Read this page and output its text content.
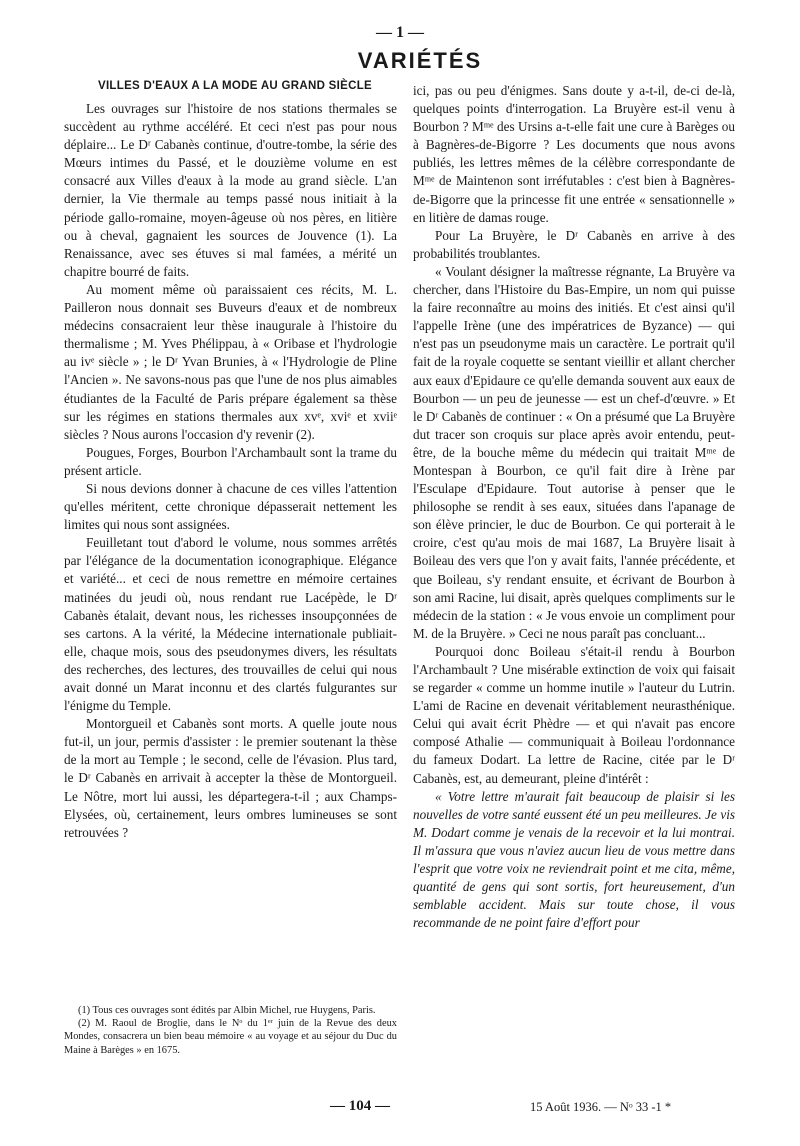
— 1 —
VARIÉTÉS
VILLES D'EAUX A LA MODE AU GRAND SIÈCLE

Les ouvrages sur l'histoire de nos stations thermales se succèdent au rythme accéléré. Et ceci n'est pas pour nous déplaire... Le Dʳ Cabanès continue, d'outre-tombe, la série des Mœurs intimes du Passé, et le douzième volume en est consacré aux Villes d'eaux à la mode au grand siècle. L'an dernier, la Vie thermale au temps passé nous initiait à la période gallo-romaine, moyen-âgeuse où nos pères, en litière ou à cheval, gagnaient les sources de Jouvence (1). La Renaissance, avec ses étuves si mal famées, a mérité un chapitre bourré de faits.

Au moment même où paraissaient ces récits, M. L. Pailleron nous donnait ses Buveurs d'eaux et de nombreux médecins consacraient leur thèse inaugurale à l'histoire du thermalisme ; M. Yves Phélippau, à « Oribase et l'hydrologie au ivᵉ siècle » ; le Dʳ Yvan Brunies, à « l'Hydrologie de Pline l'Ancien ». Ne savons-nous pas que l'une de nos plus aimables étudiantes de la Faculté de Paris prépare également sa thèse sur les régimes en stations thermales aux xvᵉ, xviᵉ et xviiᵉ siècles ? Nous aurons l'occasion d'y revenir (2).

Pougues, Forges, Bourbon l'Archambault sont la trame du présent article.

Si nous devions donner à chacune de ces villes l'attention qu'elles méritent, cette chronique dépasserait nettement les limites qui nous sont assignées.

Feuilletant tout d'abord le volume, nous sommes arrêtés par l'élégance de la documentation iconographique. Elégance et variété... et ceci de nous remettre en mémoire certaines matinées du jeudi où, nous rendant rue Lacépède, le Dʳ Cabanès étalait, devant nous, les richesses insoupçonnées de ses cartons. A la vérité, la Médecine internationale publiait-elle, chaque mois, sous des pseudonymes divers, les résultats des recherches, des lectures, des trouvailles de celui qui nous avait donné un Marat inconnu et des clartés fulgurantes sur l'énigme du Temple.

Montorgueil et Cabanès sont morts. A quelle joute nous fut-il, un jour, permis d'assister : le premier soutenant la thèse de la mort au Temple ; le second, celle de l'évasion. Plus tard, le Dʳ Cabanès en arrivait à accepter la thèse de Montorgueil. Le Nôtre, mort lui aussi, les départegera-t-il ; aux Champs-Elysées, où, certainement, leurs ombres lumineuses se sont retrouvées ?

(1) Tous ces ouvrages sont édités par Albin Michel, rue Huygens, Paris.

(2) M. Raoul de Broglie, dans le Nᵒ du 1ᵉʳ juin de la Revue des deux Mondes, consacrera un bien beau mémoire « au voyage et au séjour du Duc du Maine à Barèges » en 1675.

ici, pas ou peu d'énigmes. Sans doute y a-t-il, de-ci de-là, quelques points d'interrogation. La Bruyère est-il venu à Bourbon ? Mᵐᵉ des Ursins a-t-elle fait une cure à Barèges ou à Bagnères-de-Bigorre ? Les documents que nous avons publiés, les lettres mêmes de la célèbre correspondante de Mᵐᵉ de Maintenon sont irréfutables : c'est bien à Bagnères-de-Bigorre que la princesse fit une entrée « sensationnelle » en litière de damas rouge.

Pour La Bruyère, le Dʳ Cabanès en arrive à des probabilités troublantes.

« Voulant désigner la maîtresse régnante, La Bruyère va chercher, dans l'Histoire du Bas-Empire, un nom qui puisse la faire reconnaître au moins des initiés. Et c'est ainsi qu'il l'appelle Irène (une des impératrices de Byzance) — qui n'est pas un pseudonyme mais un caractère. Le portrait qu'il fait de la royale coquette se sentant vieillir et allant chercher aux eaux d'Epidaure ce qu'elle demanda souvent aux eaux de Bourbon — un peu de jeunesse — est un chef-d'œuvre. » Et le Dʳ Cabanès de continuer : « On a présumé que La Bruyère dut tracer son croquis sur place après avoir entendu, peut-être, de la bouche même du médecin qui traitait Mᵐᵉ de Montespan à Bourbon, ce qu'il fait dire à Irène par l'Esculape d'Epidaure. Tout autorise à penser que le philosophe se rendit à ses eaux, situées dans l'apanage de son élève princier, le duc de Bourbon. Ce qui porterait à le croire, c'est qu'au mois de mai 1687, La Bruyère lisait à Boileau des vers que l'on y avait faits, l'année précédente, et que Boileau, s'y rendant ensuite, et écrivant de Bourbon à son ami Racine, lui disait, après quelques compliments sur le médecin de la station : « Je vous envoie un compliment pour M. de la Bruyère. » Ceci ne nous paraît pas concluant...

Pourquoi donc Boileau s'était-il rendu à Bourbon l'Archambault ? Une misérable extinction de voix qui faisait se regarder « comme un homme inutile » l'auteur du Lutrin. L'ami de Racine en devenait véritablement neurasthénique. Celui qui avait écrit Phèdre — et qui n'avait pas encore composé Athalie — communiquait à Boileau l'ordonnance du fameux Dodart. La lettre de Racine, citée par le Dʳ Cabanès, est, au demeurant, pleine d'intérêt :

« Votre lettre m'aurait fait beaucoup de plaisir si les nouvelles de votre santé eussent été un peu meilleures. Je vis M. Dodart comme je venais de la recevoir et la lui montrai. Il m'assura que vous n'aviez aucun lieu de vous mettre dans l'esprit que votre voix ne reviendrait point et me cita, même, quantité de gens qui sont sortis, fort heureusement, d'un semblable accident. Mais sur toute chose, il vous recommande de ne point faire d'effort pour

— 104 —	15 Août 1936. — Nᵒ 33 -1 *
